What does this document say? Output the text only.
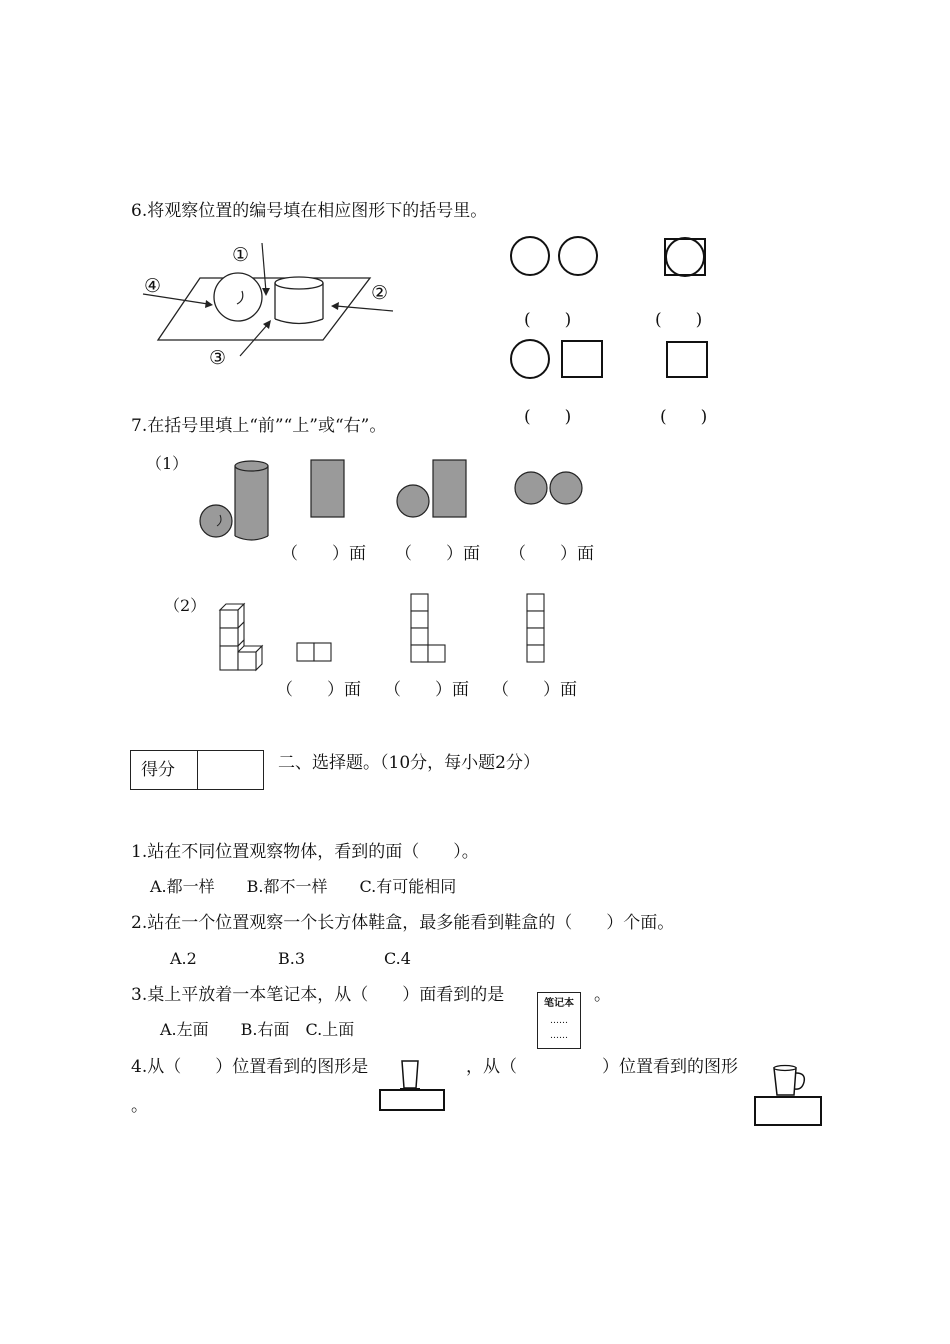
6.将观察位置的编号填在相应图形下的括号里。
①
②
③
④
(　　)	(　　)
(　　)	(　　)
7.在括号里填上“前”“上”或“右”。
（1）
（　　）面 （　　）面 （　　）面
（2）
（　　）面 （　　）面 （　　）面
得分	二、选择题。（10分，每小题2分）
1.站在不同位置观察物体，看到的面（　　）。
A.都一样　　B.都不一样　　C.有可能相同
2.站在一个位置观察一个长方体鞋盒，最多能看到鞋盒的（　　）个面。
A.2	B.3	C.4
3.桌上平放着一本笔记本，从（　　）面看到的是	。
笔记本
……
……
A.左面　　B.右面　C.上面
4.从（　　）位置看到的图形是	，从（　　　　　）位置看到的图形
。
